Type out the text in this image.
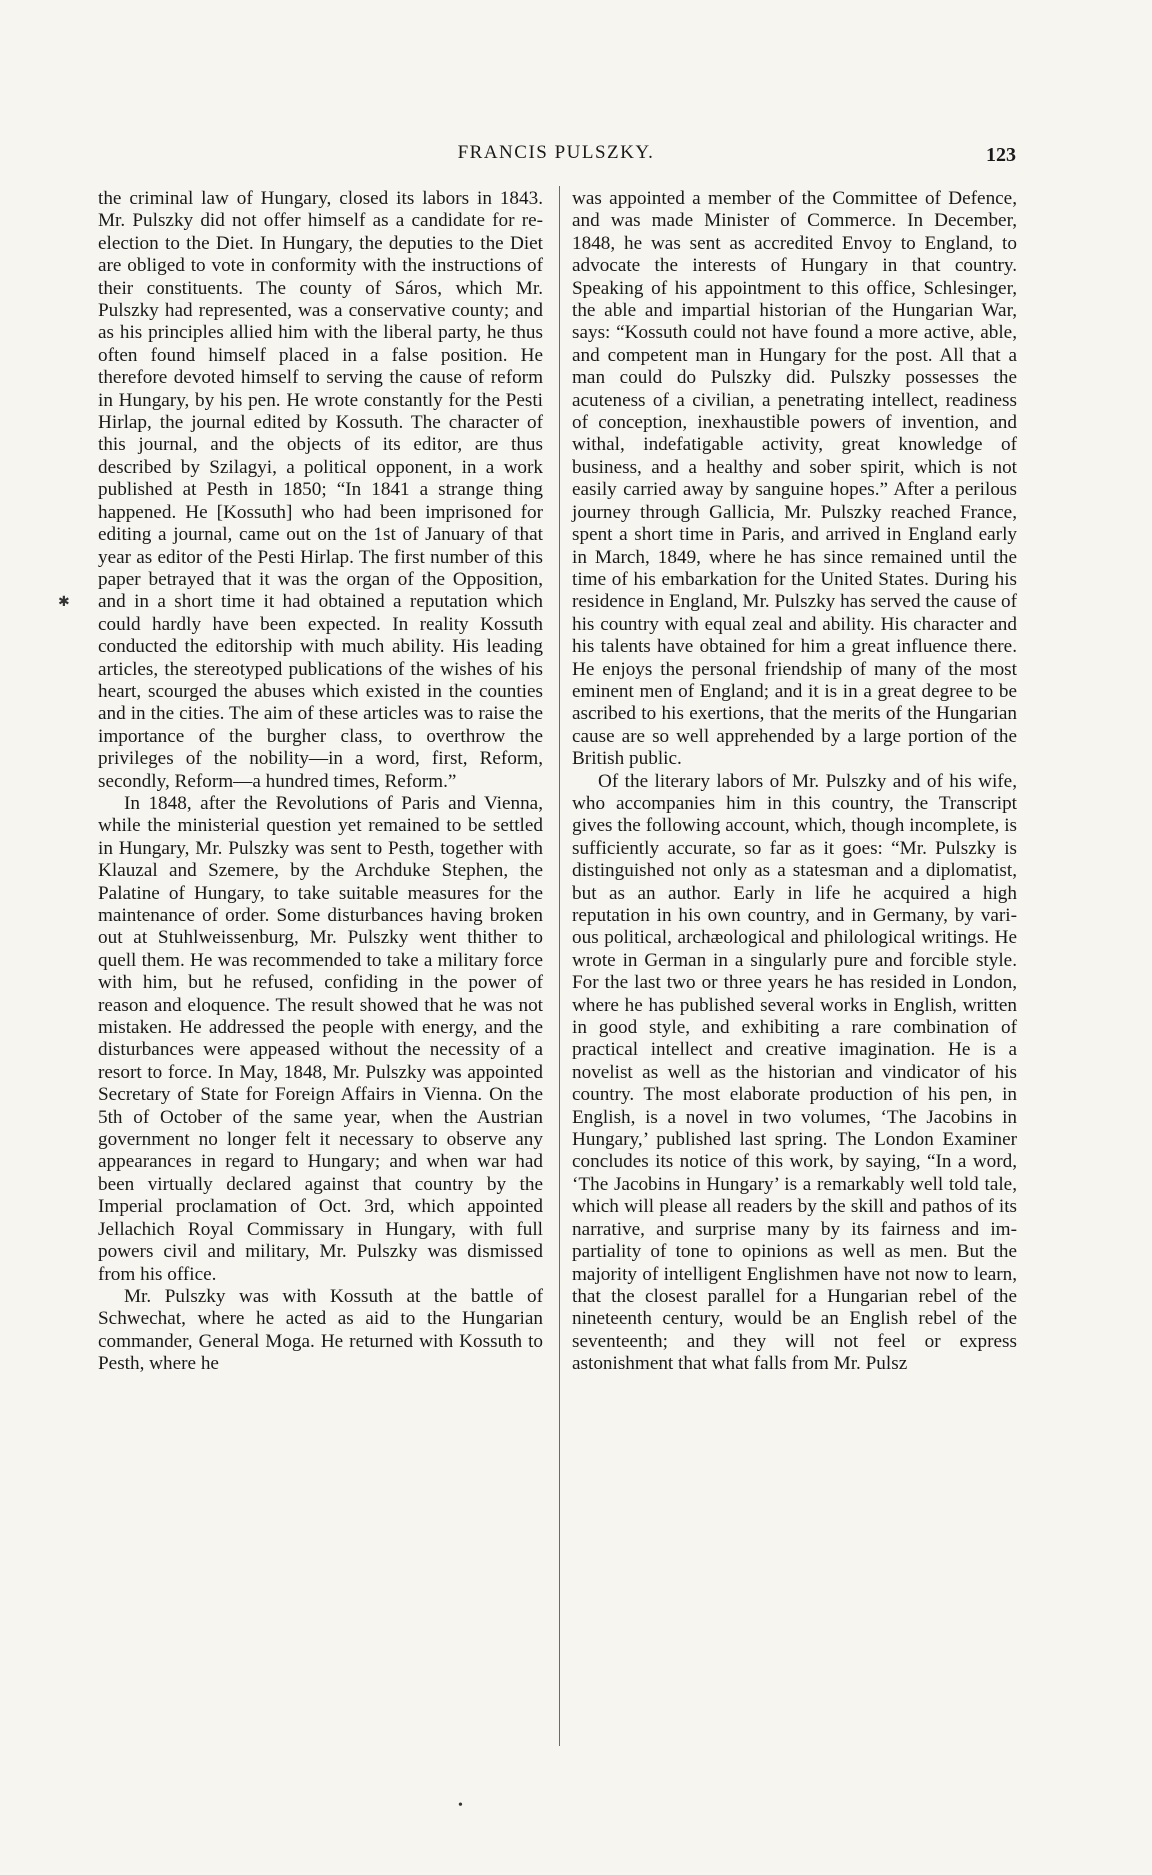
FRANCIS PULSZKY.	123

the criminal law of Hungary, closed its labors in 1843. Mr. Pulszky did not offer himself as a candidate for re-election to the Diet. In Hungary, the deputies to the Diet are obliged to vote in conformity with the instructions of their constituents. The county of Sáros, which Mr. Pulszky had represented, was a conservative county; and as his principles allied him with the liberal party, he thus often found himself placed in a false position. He therefore devoted himself to serving the cause of reform in Hungary, by his pen. He wrote constantly for the Pesti Hirlap, the journal edited by Kossuth. The character of this journal, and the objects of its editor, are thus described by Szilagyi, a political opponent, in a work published at Pesth in 1850; “In 1841 a strange thing happened. He [Kossuth] who had been imprisoned for editing a journal, came out on the 1st of January of that year as editor of the Pesti Hirlap. The first number of this paper betrayed that it was the organ of the Opposition, and in a short time it had obtained a reputation which could hardly have been expected. In reality Kossuth conducted the editorship with much ability. His leading articles, the stereotyped publications of the wishes of his heart, scourged the abuses which existed in the counties and in the cities. The aim of these articles was to raise the importance of the burgher class, to overthrow the privileges of the nobility—in a word, first, Reform, secondly, Reform—a hundred times, Reform.”

In 1848, after the Revolutions of Paris and Vienna, while the ministerial question yet remained to be settled in Hungary, Mr. Pulszky was sent to Pesth, together with Klauzal and Szemere, by the Archduke Stephen, the Palatine of Hungary, to take suitable measures for the maintenance of order. Some disturbances having broken out at Stuhlweissenburg, Mr. Pulszky went thither to quell them. He was recommended to take a military force with him, but he refused, confiding in the power of reason and eloquence. The result showed that he was not mistaken. He addressed the people with energy, and the disturbances were appeased without the necessity of a resort to force. In May, 1848, Mr. Pulszky was appointed Secretary of State for Foreign Affairs in Vienna. On the 5th of October of the same year, when the Austrian government no longer felt it necessary to observe any appearances in regard to Hungary; and when war had been virtually declared against that country by the Imperial proclamation of Oct. 3rd, which appointed Jellachich Royal Commissary in Hungary, with full powers civil and military, Mr. Pulszky was dismissed from his office.

Mr. Pulszky was with Kossuth at the battle of Schwechat, where he acted as aid to the Hungarian commander, General Moga. He returned with Kossuth to Pesth, where he

was appointed a member of the Committee of Defence, and was made Minister of Commerce. In December, 1848, he was sent as accredited Envoy to England, to advocate the interests of Hungary in that country. Speaking of his appointment to this office, Schlesinger, the able and impartial historian of the Hungarian War, says: “Kossuth could not have found a more active, able, and competent man in Hungary for the post. All that a man could do Pulszky did. Pulszky possesses the acuteness of a civilian, a penetrating intellect, readiness of conception, inexhaustible powers of invention, and withal, indefatigable activity, great knowledge of business, and a healthy and sober spirit, which is not easily carried away by sanguine hopes.” After a perilous journey through Gallicia, Mr. Pulszky reached France, spent a short time in Paris, and arrived in England early in March, 1849, where he has since remained until the time of his embarkation for the United States. During his residence in England, Mr. Pulszky has served the cause of his country with equal zeal and ability. His character and his talents have obtained for him a great influence there. He enjoys the personal friendship of many of the most eminent men of England; and it is in a great degree to be ascribed to his exertions, that the merits of the Hungarian cause are so well apprehended by a large portion of the British public.

Of the literary labors of Mr. Pulszky and of his wife, who accompanies him in this country, the Transcript gives the following account, which, though incomplete, is sufficiently accurate, so far as it goes: “Mr. Pulszky is distinguished not only as a statesman and a diplomatist, but as an author. Early in life he acquired a high reputation in his own country, and in Germany, by various political, archæological and philological writings. He wrote in German in a singularly pure and forcible style. For the last two or three years he has resided in London, where he has published several works in English, written in good style, and exhibiting a rare combination of practical intellect and creative imagination. He is a novelist as well as the historian and vindicator of his country. The most elaborate production of his pen, in English, is a novel in two volumes, ‘The Jacobins in Hungary,’ published last spring. The London Examiner concludes its notice of this work, by saying, “In a word, ‘The Jacobins in Hungary’ is a remarkably well told tale, which will please all readers by the skill and pathos of its narrative, and surprise many by its fairness and impartiality of tone to opinions as well as men. But the majority of intelligent Englishmen have not now to learn, that the closest parallel for a Hungarian rebel of the nineteenth century, would be an English rebel of the seventeenth; and they will not feel or express astonishment that what falls from Mr. Pulsz

•
✱
